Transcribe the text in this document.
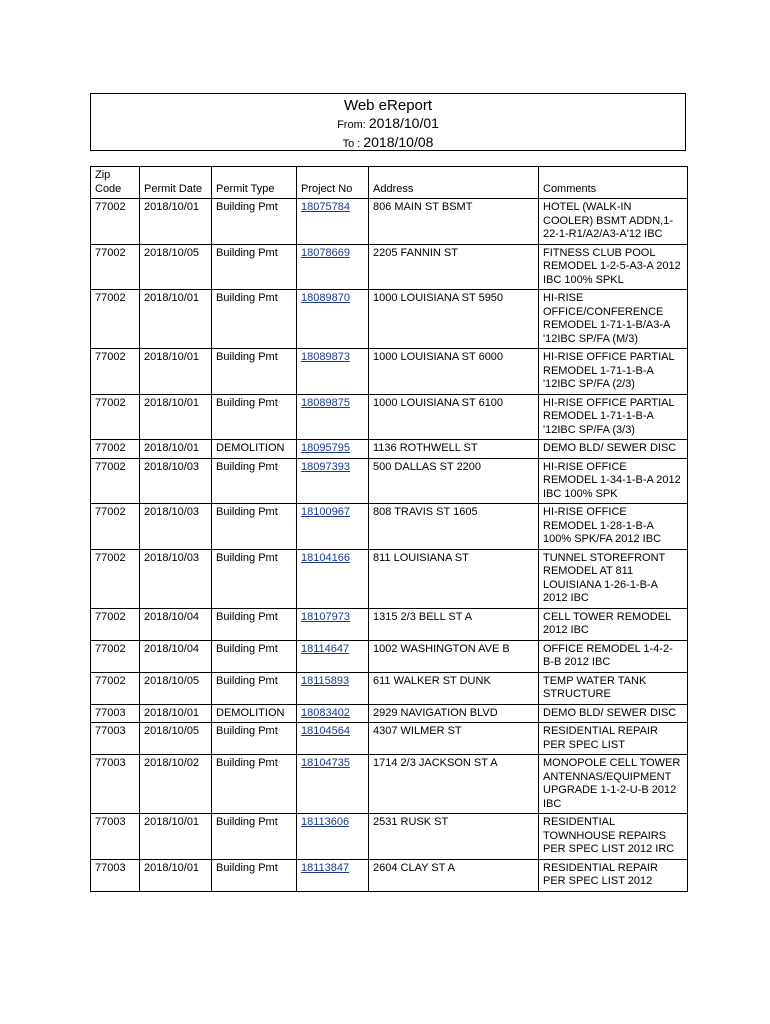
Web eReport
From: 2018/10/01
To : 2018/10/08
Zip Code	Permit Date	Permit Type	Project No	Address	Comments
77002	2018/10/01	Building Pmt	18075784	806 MAIN ST BSMT	HOTEL (WALK-IN COOLER) BSMT ADDN,1-22-1-R1/A2/A3-A'12 IBC
77002	2018/10/05	Building Pmt	18078669	2205 FANNIN ST	FITNESS CLUB POOL REMODEL 1-2-5-A3-A 2012 IBC 100% SPKL
77002	2018/10/01	Building Pmt	18089870	1000 LOUISIANA ST 5950	HI-RISE OFFICE/CONFERENCE REMODEL 1-71-1-B/A3-A '12IBC SP/FA (M/3)
77002	2018/10/01	Building Pmt	18089873	1000 LOUISIANA ST 6000	HI-RISE OFFICE PARTIAL REMODEL 1-71-1-B-A '12IBC SP/FA (2/3)
77002	2018/10/01	Building Pmt	18089875	1000 LOUISIANA ST 6100	HI-RISE OFFICE PARTIAL REMODEL 1-71-1-B-A '12IBC SP/FA (3/3)
77002	2018/10/01	DEMOLITION	18095795	1136 ROTHWELL ST	DEMO BLD/ SEWER DISC
77002	2018/10/03	Building Pmt	18097393	500 DALLAS ST 2200	HI-RISE OFFICE REMODEL 1-34-1-B-A 2012 IBC 100% SPK
77002	2018/10/03	Building Pmt	18100967	808 TRAVIS ST 1605	HI-RISE OFFICE REMODEL 1-28-1-B-A 100% SPK/FA 2012 IBC
77002	2018/10/03	Building Pmt	18104166	811 LOUISIANA ST	TUNNEL STOREFRONT REMODEL AT 811 LOUISIANA 1-26-1-B-A 2012 IBC
77002	2018/10/04	Building Pmt	18107973	1315 2/3 BELL ST A	CELL TOWER REMODEL 2012 IBC
77002	2018/10/04	Building Pmt	18114647	1002 WASHINGTON AVE B	OFFICE REMODEL 1-4-2-B-B 2012 IBC
77002	2018/10/05	Building Pmt	18115893	611 WALKER ST DUNK	TEMP WATER TANK STRUCTURE
77003	2018/10/01	DEMOLITION	18083402	2929 NAVIGATION BLVD	DEMO BLD/ SEWER DISC
77003	2018/10/05	Building Pmt	18104564	4307 WILMER ST	RESIDENTIAL REPAIR PER SPEC LIST
77003	2018/10/02	Building Pmt	18104735	1714 2/3 JACKSON ST A	MONOPOLE CELL TOWER ANTENNAS/EQUIPMENT UPGRADE 1-1-2-U-B 2012 IBC
77003	2018/10/01	Building Pmt	18113606	2531 RUSK ST	RESIDENTIAL TOWNHOUSE REPAIRS PER SPEC LIST 2012 IRC
77003	2018/10/01	Building Pmt	18113847	2604 CLAY ST A	RESIDENTIAL REPAIR PER SPEC LIST 2012
